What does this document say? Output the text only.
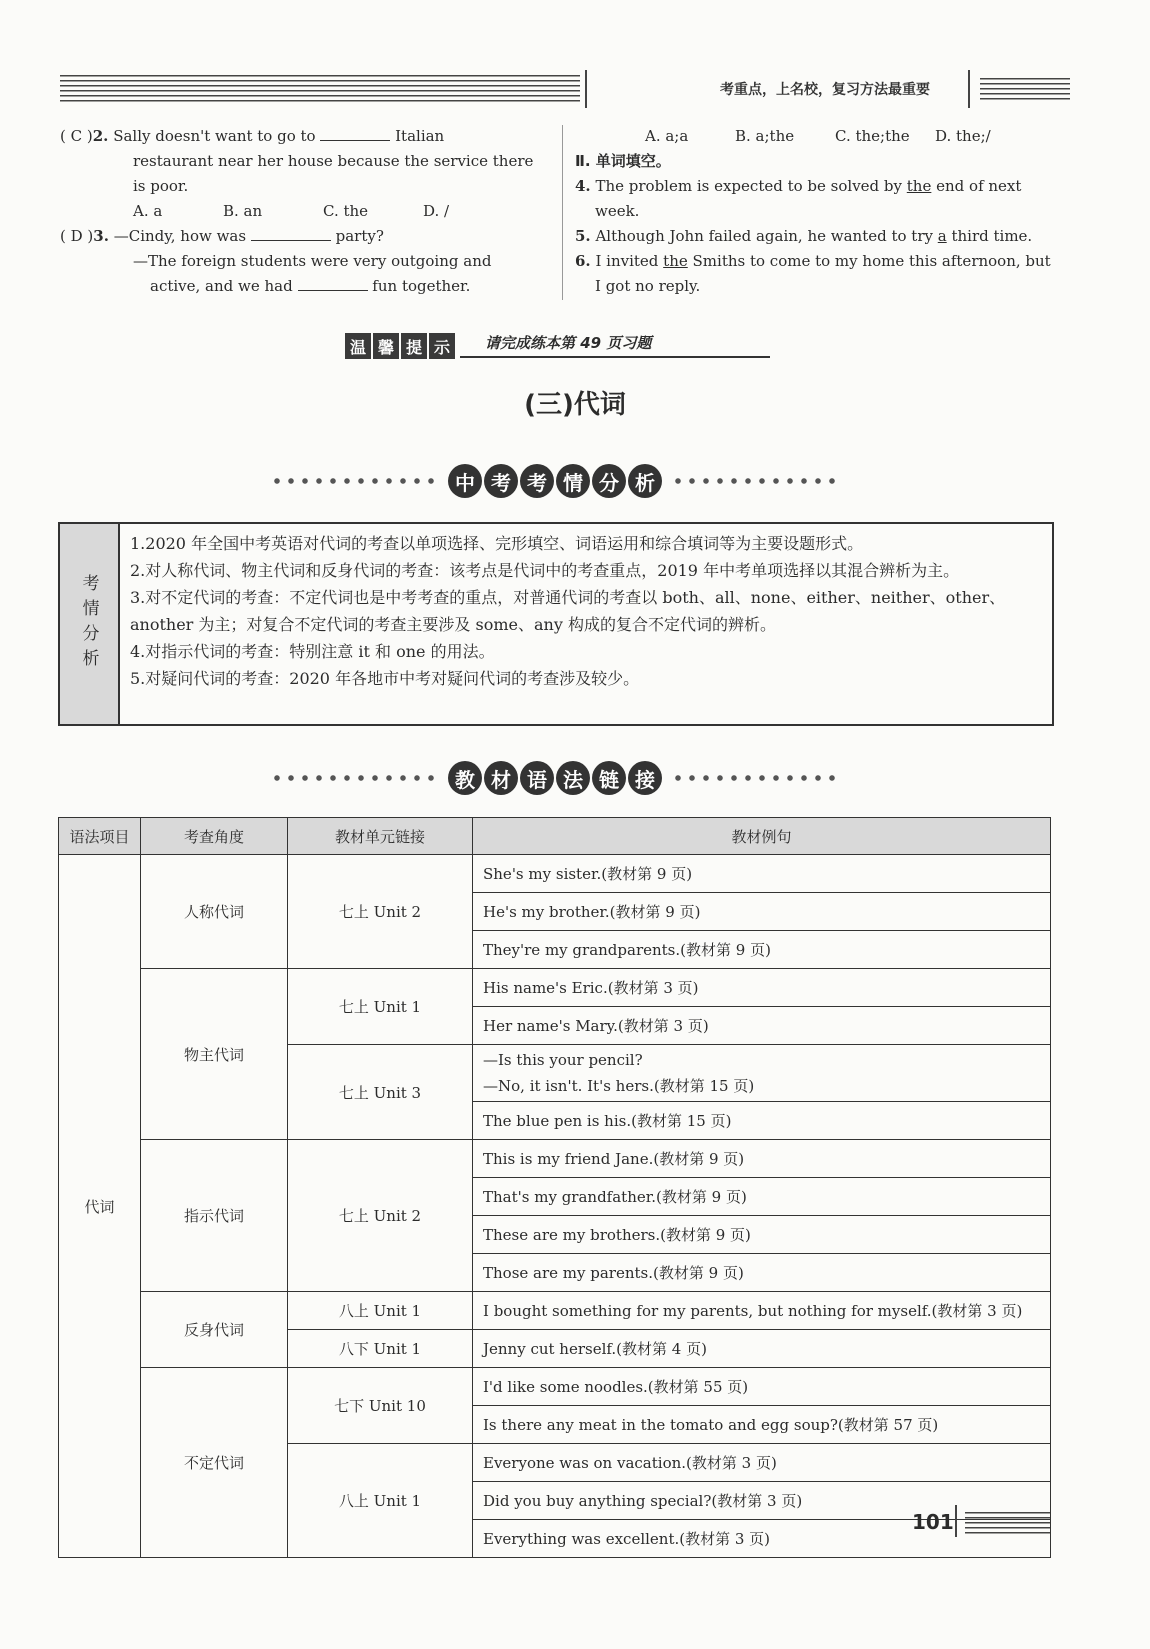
考重点，上名校，复习方法最重要
( C )2. Sally doesn't want to go to	Italian
restaurant near her house because the service there
is poor.
A. a	B. an	C. the	D. /
( D )3. —Cindy, how was	party?
—The foreign students were very outgoing and
active, and we had	fun together.
A. a;a	B. a;the	C. the;the D. the;/
Ⅱ. 单词填空。
4. The problem is expected to be solved by the end of next
week.
5. Although John failed again, he wanted to try a third time.
6. I invited the Smiths to come to my home this afternoon, but
I got no reply.
温 馨 提 示	请完成练本第 49 页习题
(三)代词
中 考 考 情 分 析
考情分析
1.2020 年全国中考英语对代词的考查以单项选择、完形填空、词语运用和综合填词等为主要设题形式。
2.对人称代词、物主代词和反身代词的考查：该考点是代词中的考查重点，2019 年中考单项选择以其混合辨析为主。
3.对不定代词的考查：不定代词也是中考考查的重点，对普通代词的考查以 both、all、none、either、neither、other、another 为主；对复合不定代词的考查主要涉及 some、any 构成的复合不定代词的辨析。
4.对指示代词的考查：特别注意 it 和 one 的用法。
5.对疑问代词的考查：2020 年各地市中考对疑问代词的考查涉及较少。
教 材 语 法 链 接
语法项目	考查角度	教材单元链接	教材例句
代词	人称代词	七上 Unit 2	She's my sister.(教材第 9 页)
			He's my brother.(教材第 9 页)
			They're my grandparents.(教材第 9 页)
	物主代词	七上 Unit 1	His name's Eric.(教材第 3 页)
			Her name's Mary.(教材第 3 页)
		七上 Unit 3	—Is this your pencil?
—No, it isn't. It's hers.(教材第 15 页)
			The blue pen is his.(教材第 15 页)
	指示代词	七上 Unit 2	This is my friend Jane.(教材第 9 页)
			That's my grandfather.(教材第 9 页)
			These are my brothers.(教材第 9 页)
			Those are my parents.(教材第 9 页)
	反身代词	八上 Unit 1	I bought something for my parents, but nothing for myself.(教材第 3 页)
		八下 Unit 1	Jenny cut herself.(教材第 4 页)
	不定代词	七下 Unit 10	I'd like some noodles.(教材第 55 页)
			Is there any meat in the tomato and egg soup?(教材第 57 页)
		八上 Unit 1	Everyone was on vacation.(教材第 3 页)
			Did you buy anything special?(教材第 3 页)
			Everything was excellent.(教材第 3 页)
101
